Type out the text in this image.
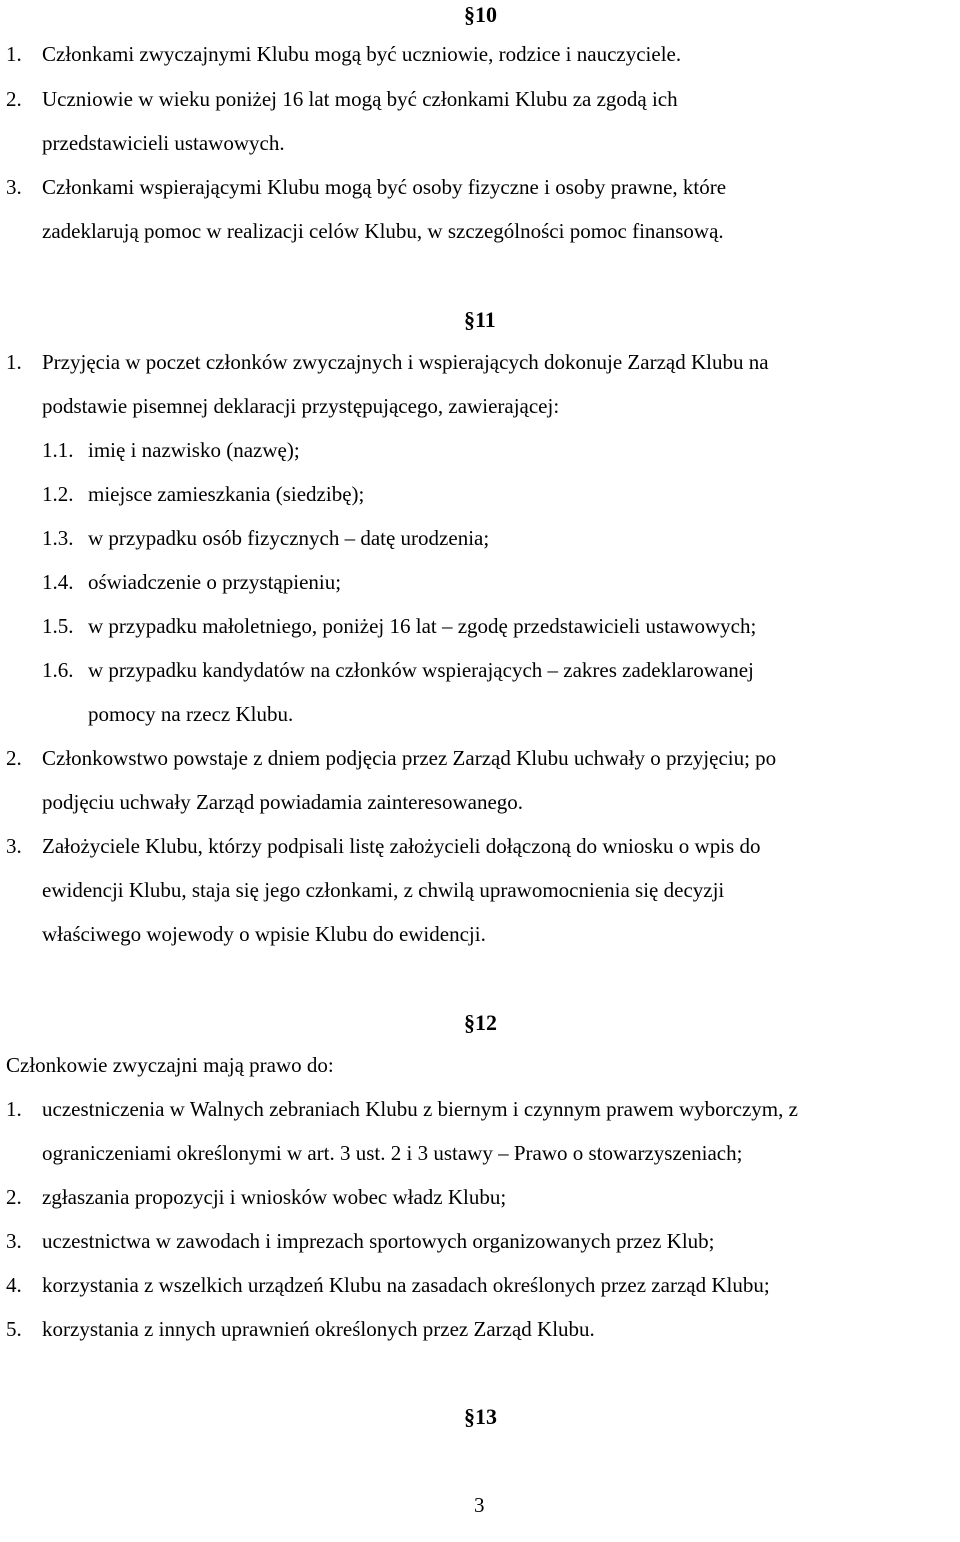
§10
1. Członkami zwyczajnymi Klubu mogą być uczniowie, rodzice i nauczyciele.
2. Uczniowie w wieku poniżej 16 lat mogą być członkami Klubu za zgodą ich
przedstawicieli ustawowych.
3. Członkami wspierającymi Klubu mogą być osoby fizyczne i osoby prawne, które
zadeklarują pomoc w realizacji celów Klubu, w szczególności pomoc finansową.
§11
1. Przyjęcia w poczet członków zwyczajnych i wspierających dokonuje Zarząd Klubu na
podstawie pisemnej deklaracji przystępującego, zawierającej:
1.1. imię i nazwisko (nazwę);
1.2. miejsce zamieszkania (siedzibę);
1.3. w przypadku osób fizycznych – datę urodzenia;
1.4. oświadczenie o przystąpieniu;
1.5. w przypadku małoletniego, poniżej 16 lat – zgodę przedstawicieli ustawowych;
1.6. w przypadku kandydatów na członków wspierających – zakres zadeklarowanej
pomocy na rzecz Klubu.
2. Członkowstwo powstaje z dniem podjęcia przez Zarząd Klubu uchwały o przyjęciu; po
podjęciu uchwały Zarząd powiadamia zainteresowanego.
3. Założyciele Klubu, którzy podpisali listę założycieli dołączoną do wniosku o wpis do
ewidencji Klubu, staja się jego członkami, z chwilą uprawomocnienia się decyzji
właściwego wojewody o wpisie Klubu do ewidencji.
§12
Członkowie zwyczajni mają prawo do:
1. uczestniczenia w Walnych zebraniach Klubu z biernym i czynnym prawem wyborczym, z
ograniczeniami określonymi w art. 3 ust. 2 i 3 ustawy – Prawo o stowarzyszeniach;
2. zgłaszania propozycji i wniosków wobec władz Klubu;
3. uczestnictwa w zawodach i imprezach sportowych organizowanych przez Klub;
4. korzystania z wszelkich urządzeń Klubu na zasadach określonych przez zarząd Klubu;
5. korzystania z innych uprawnień określonych przez Zarząd Klubu.
§13
3
